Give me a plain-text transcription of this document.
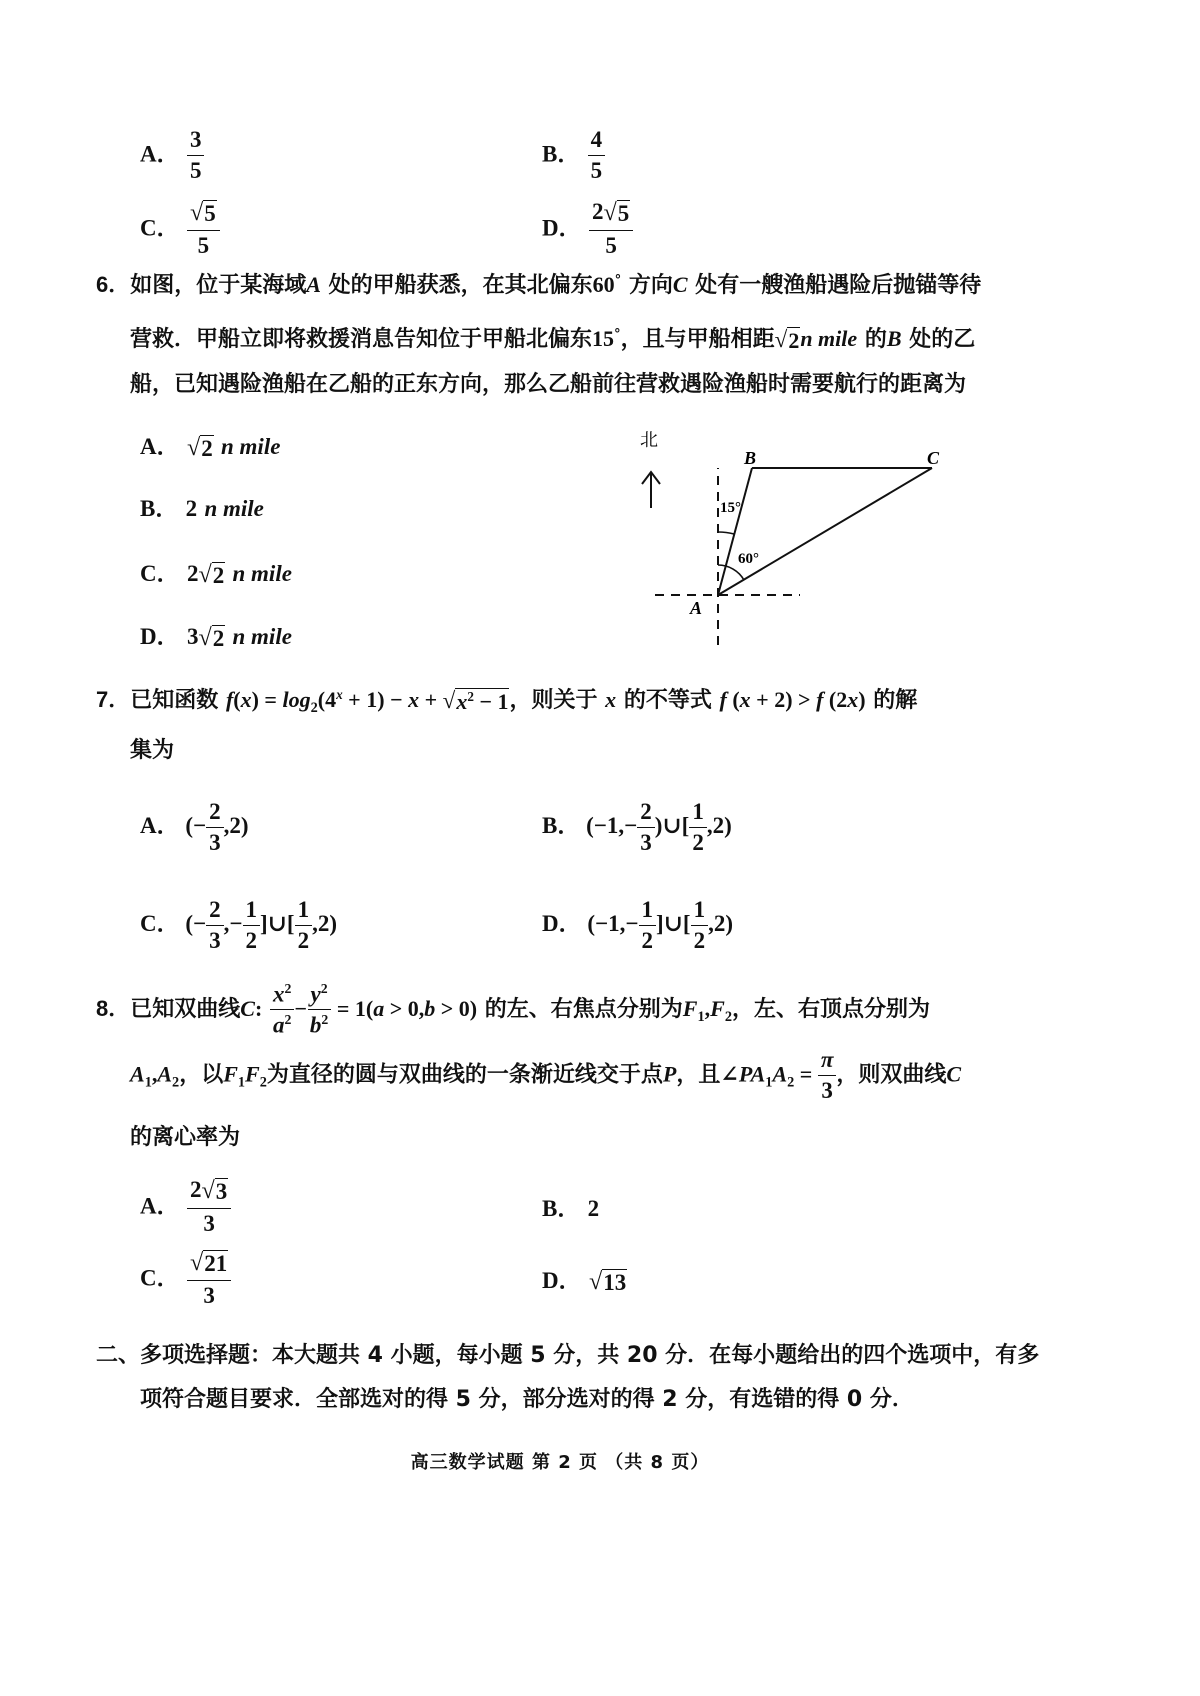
A． $\frac{3}{5}$	B． $\frac{4}{5}$
C． $\frac{√ 5}{5}$	D． $\frac{2 √ 5}{5}$
6．如图，位于某海域A 处的甲船获悉，在其北偏东60° 方向C 处有一艘渔船遇险后抛锚等待
营救．甲船立即将救援消息告知位于甲船北偏东15°，且与甲船相距 √ 2 n mile 的B 处的乙
船，已知遇险渔船在乙船的正东方向，那么乙船前往营救遇险渔船时需要航行的距离为
A． √ 2 n mile
B． 2 n mile
C． 2 √ 2 n mile
D． 3 √ 2 n mile
北
A
B	C
15°
60°
7．已知函数 $f(x) = \log_2(4^x + 1) - x$ + √ $x^2 - 1$ ，则关于 x 的不等式 f (x + 2) > f (2x) 的解
集为
A． (− $\frac{2}{3} ,2$)	B． ($-1,- \frac{2}{3}$ )∪[ $\frac{1}{2} ,2$)
C． (− $\frac{2}{3}$ ,− $\frac{1}{2}$ ]∪[ $\frac{1}{2} ,2$)	D． ($-1,- \frac{1}{2}$ ]∪[ $\frac{1}{2} ,2$)
8．已知双曲线C: $\frac{x^2}{a^2} - \frac{y^2}{b^2} = 1(a > 0,b > 0)$ 的左、右焦点分别为$F_1,F_2$，左、右顶点分别为
$A_1,A_2$，以$F_1F_2$为直径的圆与双曲线的一条渐近线交于点P，且$\angle PA_1A_2 = \frac{\pi}{3}$ ，则双曲线C
的离心率为
A． $\frac{2 √ 3}{3}$	B． 2
C． $\frac{√ 21}{3}$	D． √ 13
二、多项选择题：本大题共 4 小题，每小题 5 分，共 20 分．在每小题给出的四个选项中，有多
项符合题目要求．全部选对的得 5 分，部分选对的得 2 分，有选错的得 0 分．
高三数学试题 第 2 页 （共 8 页）
